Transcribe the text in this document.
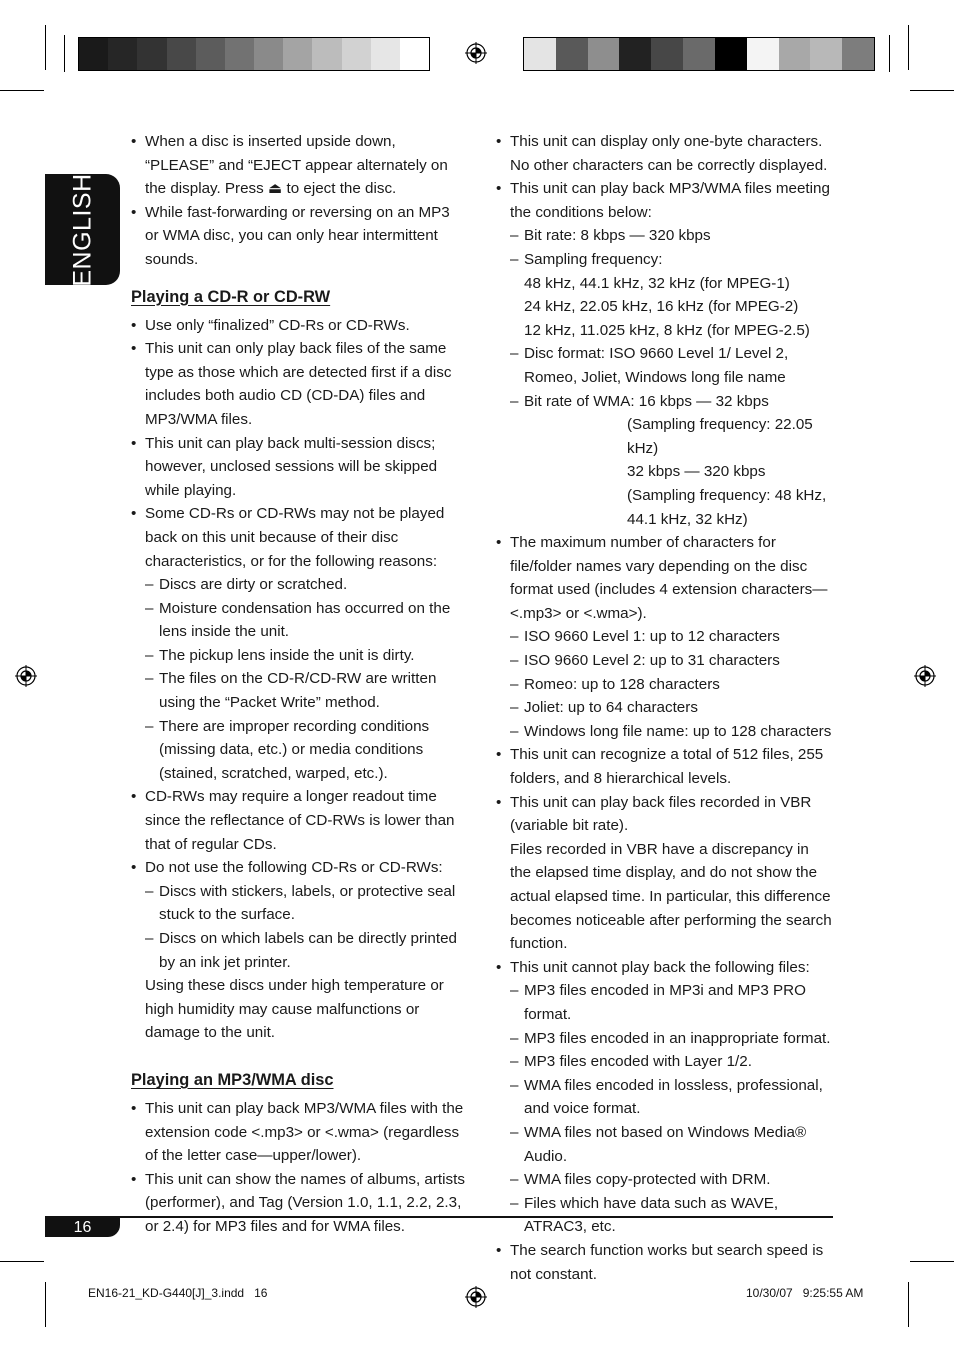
ENGLISH
• When a disc is inserted upside down, “PLEASE” and “EJECT appear alternately on the display. Press ⏏ to eject the disc.
• While fast-forwarding or reversing on an MP3 or WMA disc, you can only hear intermittent sounds.
Playing a CD-R or CD-RW
• Use only “finalized” CD-Rs or CD-RWs.
• This unit can only play back files of the same type as those which are detected first if a disc includes both audio CD (CD-DA) files and MP3/WMA files.
• This unit can play back multi-session discs; however, unclosed sessions will be skipped while playing.
• Some CD-Rs or CD-RWs may not be played back on this unit because of their disc characteristics, or for the following reasons:
– Discs are dirty or scratched.
– Moisture condensation has occurred on the lens inside the unit.
– The pickup lens inside the unit is dirty.
– The files on the CD-R/CD-RW are written using the “Packet Write” method.
– There are improper recording conditions (missing data, etc.) or media conditions (stained, scratched, warped, etc.).
• CD-RWs may require a longer readout time since the reflectance of CD-RWs is lower than that of regular CDs.
• Do not use the following CD-Rs or CD-RWs:
– Discs with stickers, labels, or protective seal stuck to the surface.
– Discs on which labels can be directly printed by an ink jet printer.
Using these discs under high temperature or high humidity may cause malfunctions or damage to the unit.
Playing an MP3/WMA disc
• This unit can play back MP3/WMA files with the extension code <.mp3> or <.wma> (regardless of the letter case—upper/lower).
• This unit can show the names of albums, artists (performer), and Tag (Version 1.0, 1.1, 2.2, 2.3, or 2.4) for MP3 files and for WMA files.
• This unit can display only one-byte characters. No other characters can be correctly displayed.
• This unit can play back MP3/WMA files meeting the conditions below:
– Bit rate: 8 kbps — 320 kbps
– Sampling frequency:
48 kHz, 44.1 kHz, 32 kHz (for MPEG-1)
24 kHz, 22.05 kHz, 16 kHz (for MPEG-2)
12 kHz, 11.025 kHz, 8 kHz (for MPEG-2.5)
– Disc format: ISO 9660 Level 1/ Level 2, Romeo, Joliet, Windows long file name
– Bit rate of WMA: 16 kbps — 32 kbps
(Sampling frequency: 22.05 kHz)
32 kbps — 320 kbps
(Sampling frequency: 48 kHz, 44.1 kHz, 32 kHz)
• The maximum number of characters for file/folder names vary depending on the disc format used (includes 4 extension characters—<.mp3> or <.wma>).
– ISO 9660 Level 1: up to 12 characters
– ISO 9660 Level 2: up to 31 characters
– Romeo: up to 128 characters
– Joliet: up to 64 characters
– Windows long file name: up to 128 characters
• This unit can recognize a total of 512 files, 255 folders, and 8 hierarchical levels.
• This unit can play back files recorded in VBR (variable bit rate).
Files recorded in VBR have a discrepancy in the elapsed time display, and do not show the actual elapsed time. In particular, this difference becomes noticeable after performing the search function.
• This unit cannot play back the following files:
– MP3 files encoded in MP3i and MP3 PRO format.
– MP3 files encoded in an inappropriate format.
– MP3 files encoded with Layer 1/2.
– WMA files encoded in lossless, professional, and voice format.
– WMA files not based on Windows Media® Audio.
– WMA files copy-protected with DRM.
– Files which have data such as WAVE, ATRAC3, etc.
• The search function works but search speed is not constant.
16
EN16-21_KD-G440[J]_3.indd   16	10/30/07   9:25:55 AM
